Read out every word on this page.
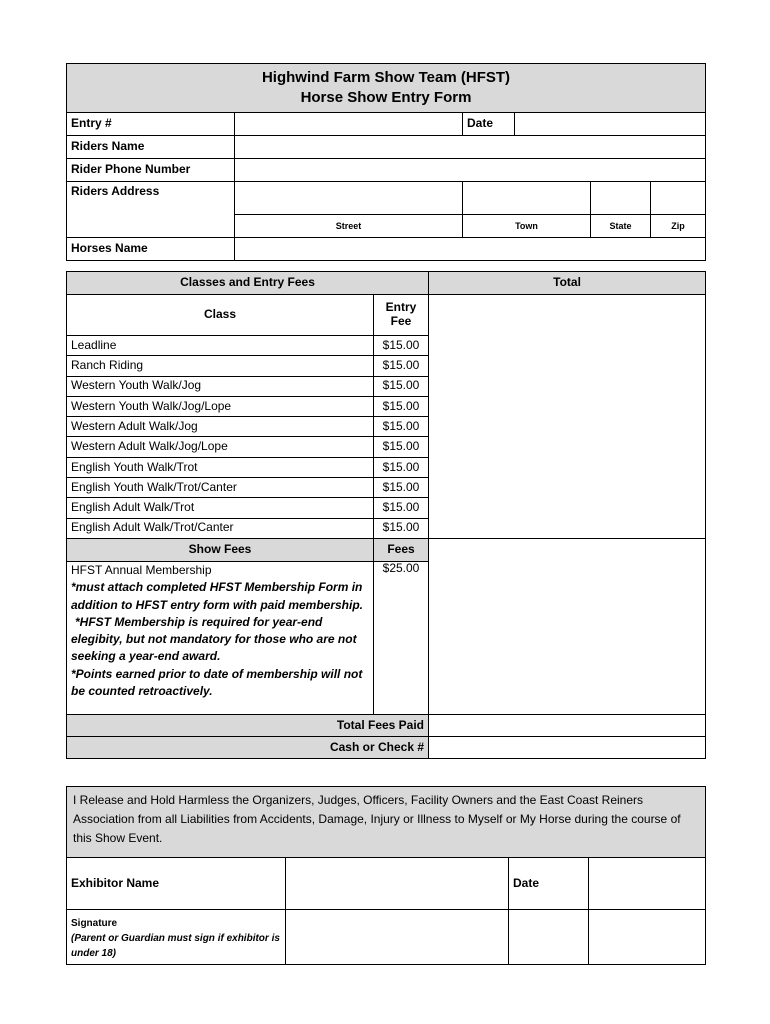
Highwind Farm Show Team (HFST)
Horse Show Entry Form					

Entry #		Date			
Riders Name					
Rider Phone Number					
Riders Address					
	Street	Town		State	Zip
Horses Name					
Classes and Entry Fees		Total
Class	Entry Fee	
Leadline	$15.00	
Ranch Riding	$15.00	
Western Youth Walk/Jog	$15.00	
Western Youth Walk/Jog/Lope	$15.00	
Western Adult Walk/Jog	$15.00	
Western Adult Walk/Jog/Lope	$15.00	
English Youth Walk/Trot	$15.00	
English Youth Walk/Trot/Canter	$15.00	
English Adult Walk/Trot	$15.00	
English Adult Walk/Trot/Canter	$15.00	
Show Fees	Fees	

HFST Annual Membership
*must attach completed HFST Membership Form in addition to HFST entry form with paid membership.
*HFST Membership is required for year-end elegibity, but not mandatory for those who are not seeking a year-end award.
*Points earned prior to date of membership will not be counted retroactively.	$25.00	
Total Fees Paid		
Cash or Check #		
I Release and Hold Harmless the Organizers, Judges, Officers, Facility Owners and the East Coast Reiners Association from all Liabilities from Accidents, Damage, Injury or Illness to Myself or My Horse during the course of this Show Event.			
Exhibitor Name		Date	

Signature
(Parent or Guardian must sign if exhibitor is under 18)			
